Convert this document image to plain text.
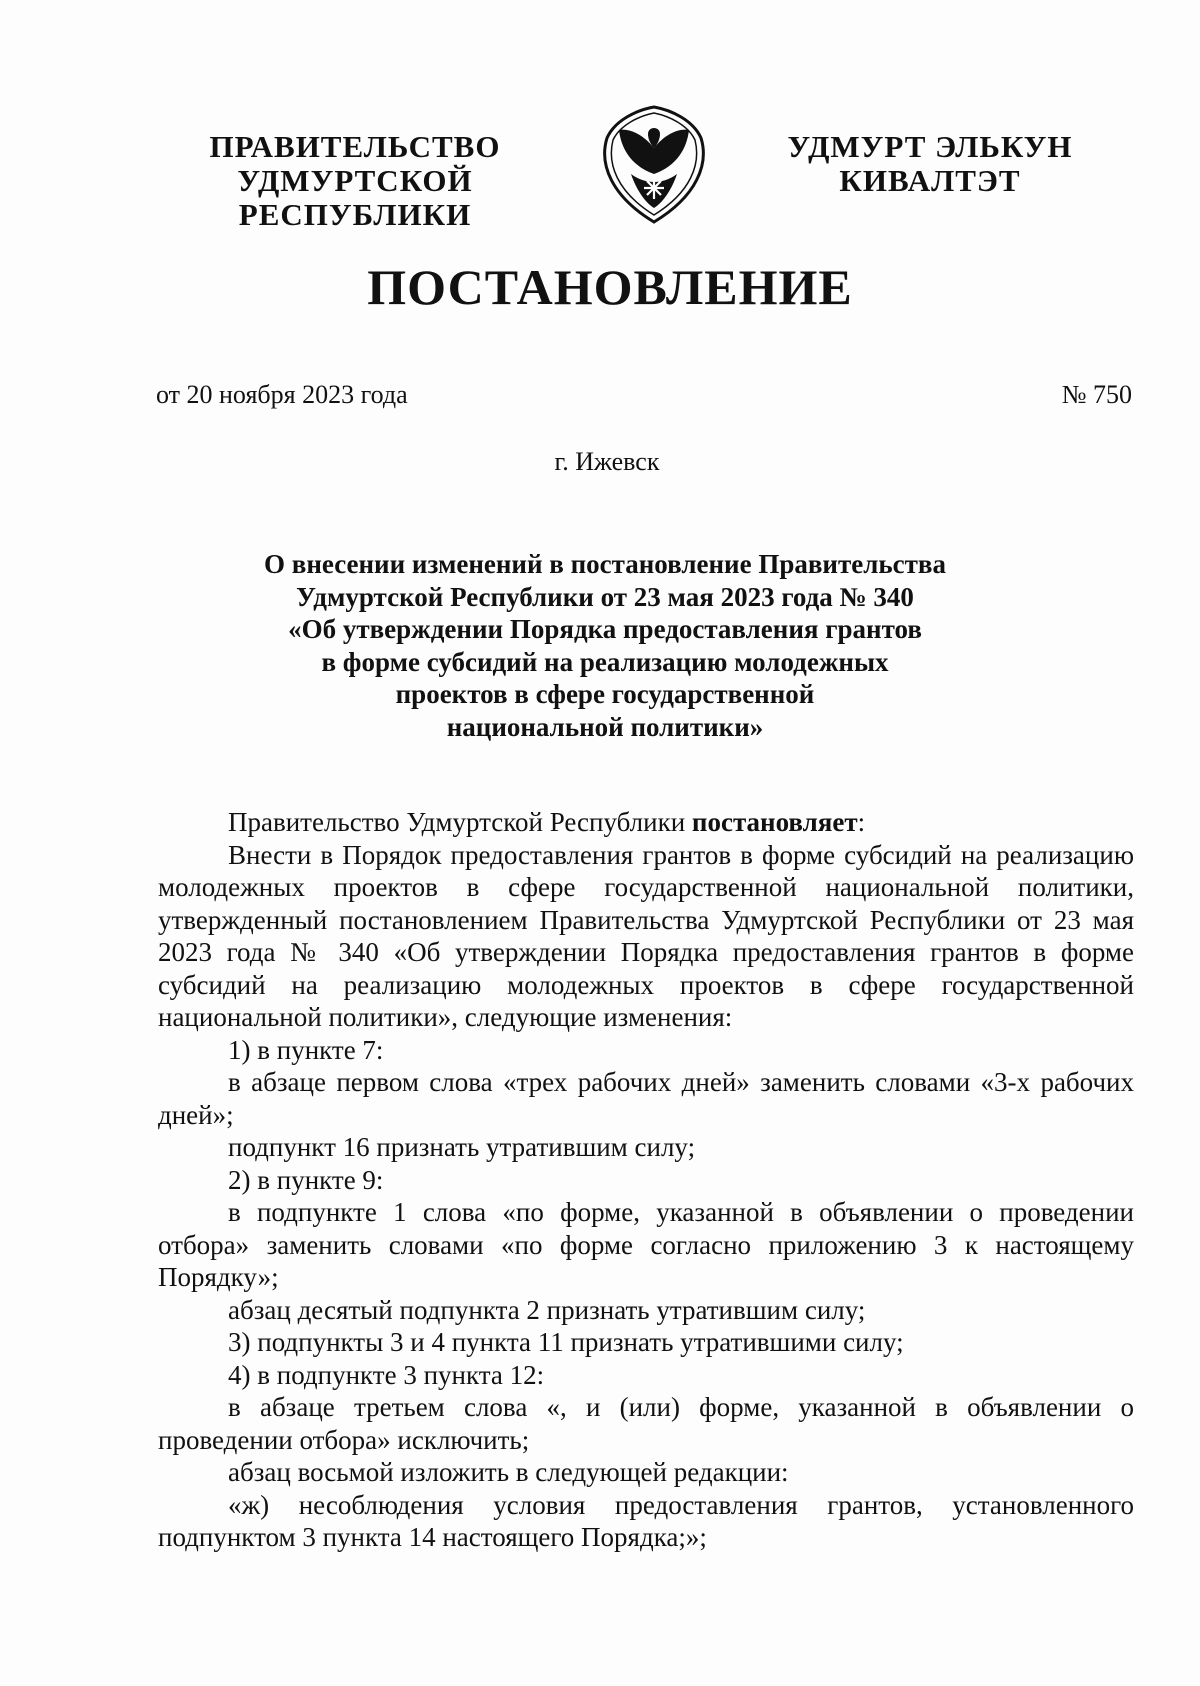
ПРАВИТЕЛЬСТВО
УДМУРТСКОЙ РЕСПУБЛИКИ
УДМУРТ ЭЛЬКУН
КИВАЛТЭТ
ПОСТАНОВЛЕНИЕ
от 20 ноября 2023 года	№ 750
г. Ижевск
О внесении изменений в постановление Правительства
Удмуртской Республики от 23 мая 2023 года № 340
«Об утверждении Порядка предоставления грантов
в форме субсидий на реализацию молодежных
проектов в сфере государственной
национальной политики»

Правительство Удмуртской Республики постановляет:

Внести в Порядок предоставления грантов в форме субсидий на реализацию молодежных проектов в сфере государственной национальной политики, утвержденный постановлением Правительства Удмуртской Республики от 23 мая 2023 года № 340 «Об утверждении Порядка предоставления грантов в форме субсидий на реализацию молодежных проектов в сфере государственной национальной политики», следующие изменения:

1) в пункте 7:

в абзаце первом слова «трех рабочих дней» заменить словами «3-х рабочих дней»;

подпункт 16 признать утратившим силу;

2) в пункте 9:

в подпункте 1 слова «по форме, указанной в объявлении о проведении отбора» заменить словами «по форме согласно приложению 3 к настоящему Порядку»;

абзац десятый подпункта 2 признать утратившим силу;

3) подпункты 3 и 4 пункта 11 признать утратившими силу;

4) в подпункте 3 пункта 12:

в абзаце третьем слова «, и (или) форме, указанной в объявлении о проведении отбора» исключить;

абзац восьмой изложить в следующей редакции:

«ж) несоблюдения условия предоставления грантов, установленного подпунктом 3 пункта 14 настоящего Порядка;»;
